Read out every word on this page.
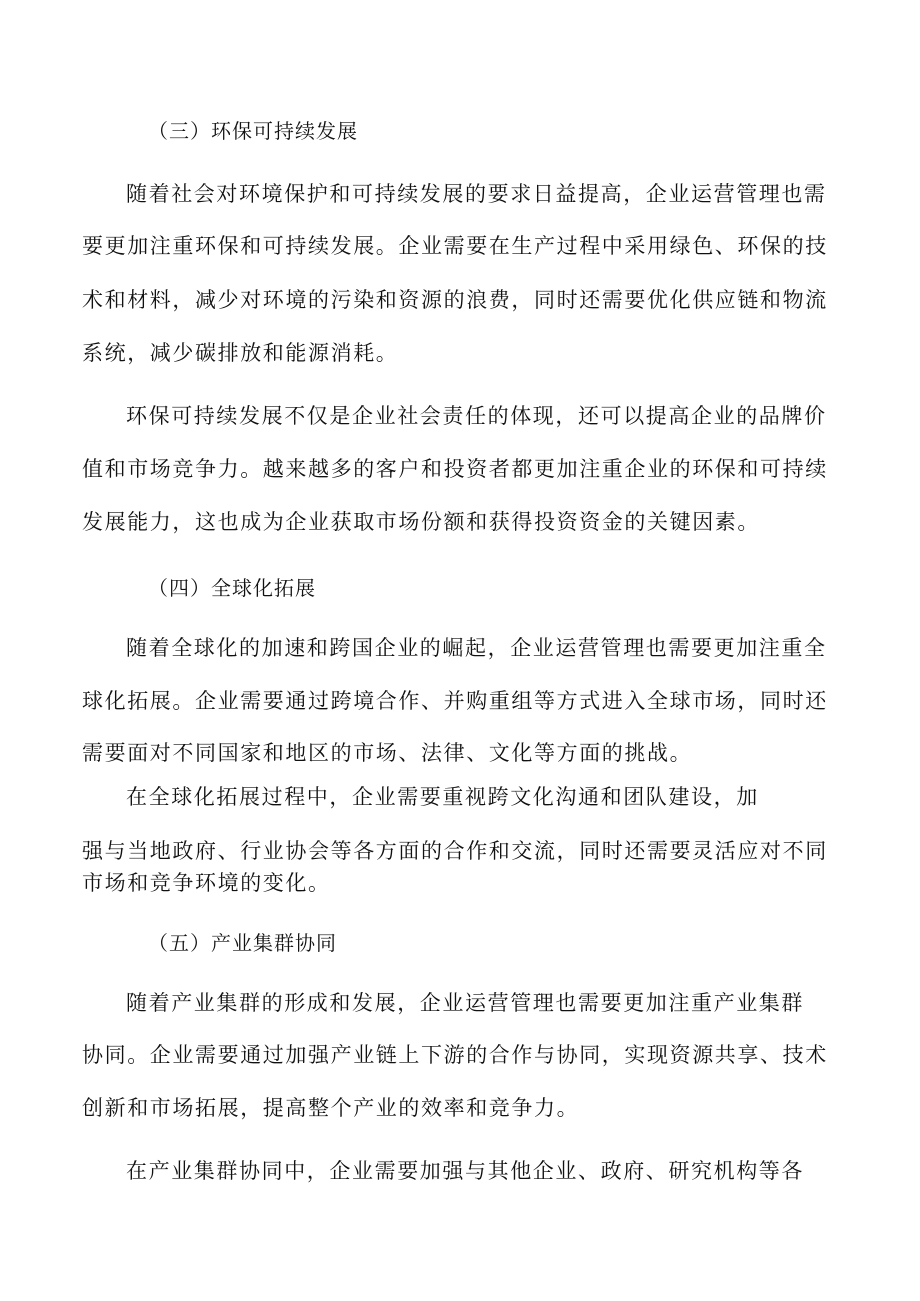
（三）环保可持续发展
随着社会对环境保护和可持续发展的要求日益提高，企业运营管理也需
要更加注重环保和可持续发展。企业需要在生产过程中采用绿色、环保的技
术和材料，减少对环境的污染和资源的浪费，同时还需要优化供应链和物流
系统，减少碳排放和能源消耗。
环保可持续发展不仅是企业社会责任的体现，还可以提高企业的品牌价
值和市场竞争力。越来越多的客户和投资者都更加注重企业的环保和可持续
发展能力，这也成为企业获取市场份额和获得投资资金的关键因素。
（四）全球化拓展
随着全球化的加速和跨国企业的崛起，企业运营管理也需要更加注重全
球化拓展。企业需要通过跨境合作、并购重组等方式进入全球市场，同时还
需要面对不同国家和地区的市场、法律、文化等方面的挑战。
在全球化拓展过程中，企业需要重视跨文化沟通和团队建设，加
强与当地政府、行业协会等各方面的合作和交流，同时还需要灵活应对不同
市场和竞争环境的变化。
（五）产业集群协同
随着产业集群的形成和发展，企业运营管理也需要更加注重产业集群
协同。企业需要通过加强产业链上下游的合作与协同，实现资源共享、技术
创新和市场拓展，提高整个产业的效率和竞争力。
在产业集群协同中，企业需要加强与其他企业、政府、研究机构等各
